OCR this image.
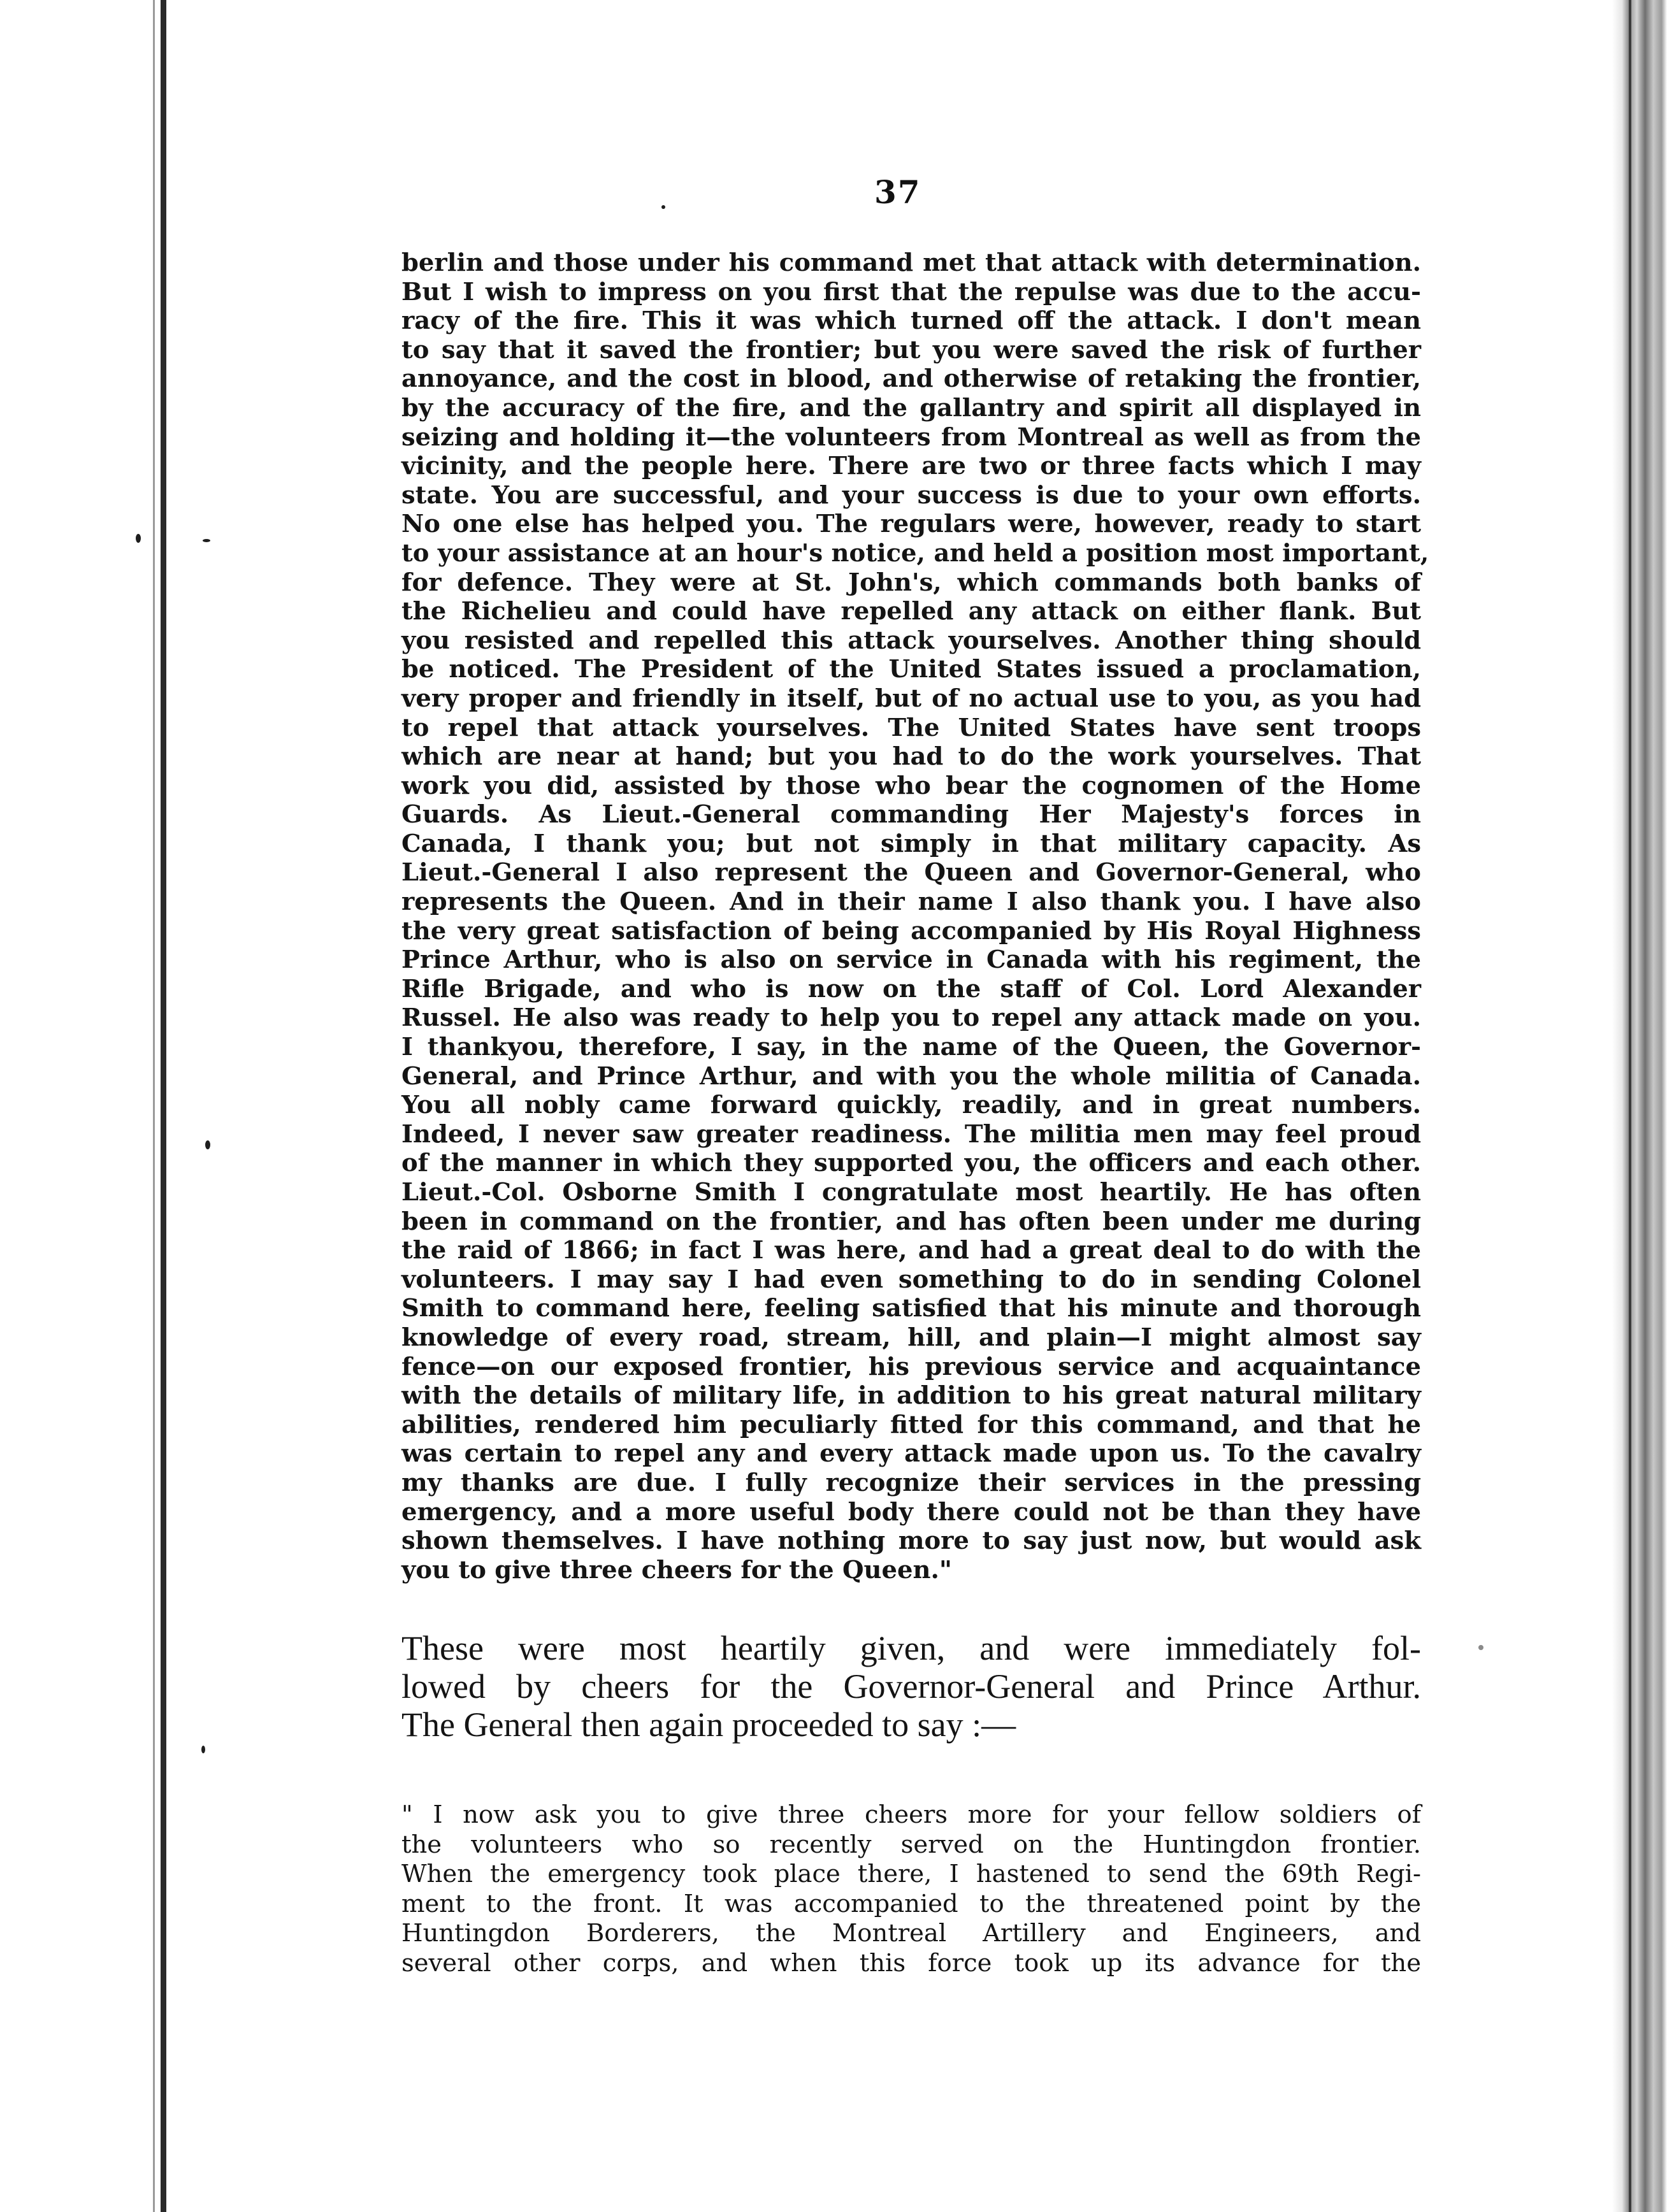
37
berlin and those under his command met that attack with determination.
But I wish to impress on you first that the repulse was due to the accu-
racy of the fire. This it was which turned off the attack. I don't mean
to say that it saved the frontier; but you were saved the risk of further
annoyance, and the cost in blood, and otherwise of retaking the frontier,
by the accuracy of the fire, and the gallantry and spirit all displayed in
seizing and holding it—the volunteers from Montreal as well as from the
vicinity, and the people here. There are two or three facts which I may
state. You are successful, and your success is due to your own efforts.
No one else has helped you. The regulars were, however, ready to start
to your assistance at an hour's notice, and held a position most important,
for defence. They were at St. John's, which commands both banks of
the Richelieu and could have repelled any attack on either flank. But
you resisted and repelled this attack yourselves. Another thing should
be noticed. The President of the United States issued a proclamation,
very proper and friendly in itself, but of no actual use to you, as you had
to repel that attack yourselves. The United States have sent troops
which are near at hand; but you had to do the work yourselves. That
work you did, assisted by those who bear the cognomen of the Home
Guards. As Lieut.-General commanding Her Majesty's forces in
Canada, I thank you; but not simply in that military capacity. As
Lieut.-General I also represent the Queen and Governor-General, who
represents the Queen. And in their name I also thank you. I have also
the very great satisfaction of being accompanied by His Royal Highness
Prince Arthur, who is also on service in Canada with his regiment, the
Rifle Brigade, and who is now on the staff of Col. Lord Alexander
Russel. He also was ready to help you to repel any attack made on you.
I thankyou, therefore, I say, in the name of the Queen, the Governor-
General, and Prince Arthur, and with you the whole militia of Canada.
You all nobly came forward quickly, readily, and in great numbers.
Indeed, I never saw greater readiness. The militia men may feel proud
of the manner in which they supported you, the officers and each other.
Lieut.-Col. Osborne Smith I congratulate most heartily. He has often
been in command on the frontier, and has often been under me during
the raid of 1866; in fact I was here, and had a great deal to do with the
volunteers. I may say I had even something to do in sending Colonel
Smith to command here, feeling satisfied that his minute and thorough
knowledge of every road, stream, hill, and plain—I might almost say
fence—on our exposed frontier, his previous service and acquaintance
with the details of military life, in addition to his great natural military
abilities, rendered him peculiarly fitted for this command, and that he
was certain to repel any and every attack made upon us. To the cavalry
my thanks are due. I fully recognize their services in the pressing
emergency, and a more useful body there could not be than they have
shown themselves. I have nothing more to say just now, but would ask
you to give three cheers for the Queen."
These were most heartily given, and were immediately fol-
lowed by cheers for the Governor-General and Prince Arthur.
The General then again proceeded to say :—
" I now ask you to give three cheers more for your fellow soldiers of
the volunteers who so recently served on the Huntingdon frontier.
When the emergency took place there, I hastened to send the 69th Regi-
ment to the front. It was accompanied to the threatened point by the
Huntingdon Borderers, the Montreal Artillery and Engineers, and
several other corps, and when this force took up its advance for the
